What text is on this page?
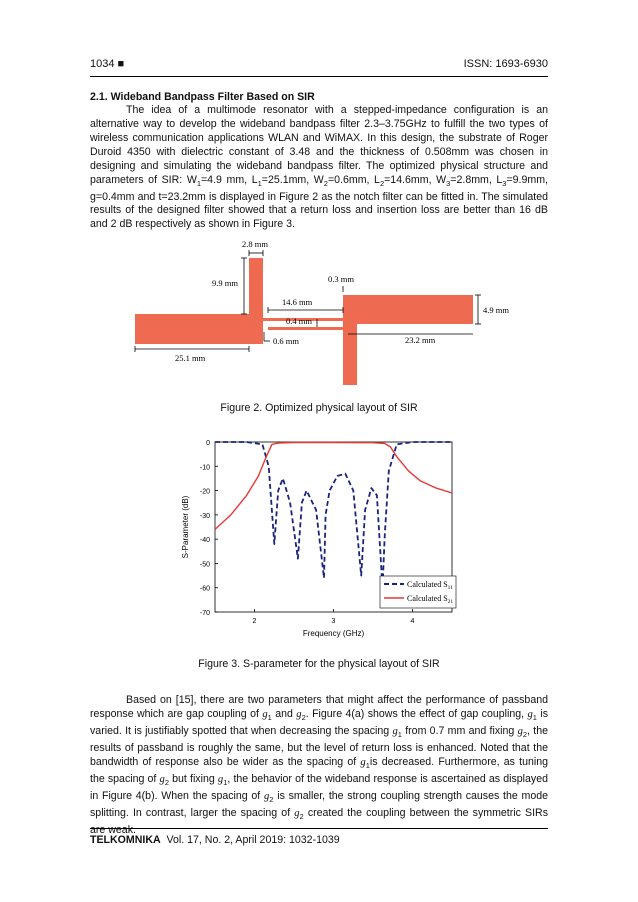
1034 ■	ISSN: 1693-6930
2.1. Wideband Bandpass Filter Based on SIR

The idea of a multimode resonator with a stepped-impedance configuration is an alternative way to develop the wideband bandpass filter 2.3–3.75GHz to fulfill the two types of wireless communication applications WLAN and WiMAX. In this design, the substrate of Roger Duroid 4350 with dielectric constant of 3.48 and the thickness of 0.508mm was chosen in designing and simulating the wideband bandpass filter. The optimized physical structure and parameters of SIR: $W_1=4.9$ mm, $L_1=25.1mm$, $W_2=0.6mm$, $L_2=14.6mm$, $W_3=2.8mm$, $L_3=9.9mm$, g=0.4mm and t=23.2mm is displayed in Figure 2 as the notch filter can be fitted in. The simulated results of the designed filter showed that a return loss and insertion loss are better than 16 dB and 2 dB respectively as shown in Figure 3.

2.8 mm
9.9 mm	0.3 mm
14.6 mm
0.4 mm
0.6 mm
4.9 mm
25.1 mm
23.2 mm
Figure 2. Optimized physical layout of SIR
0
-10
-20
-30
-40
-50
-60
-70
2	3	4
Frequency (GHz)
S-Parameter (dB)
Calculated $S_{11}$
Calculated $S_{21}$
Figure 3. S-parameter for the physical layout of SIR

Based on [15], there are two parameters that might affect the performance of passband response which are gap coupling of $g_1$ and $g_2$. Figure 4(a) shows the effect of gap coupling, $g_1$ is varied. It is justifiably spotted that when decreasing the spacing $g_1$ from 0.7 mm and fixing $g_2$, the results of passband is roughly the same, but the level of return loss is enhanced. Noted that the bandwidth of response also be wider as the spacing of $g_1is$ decreased. Furthermore, as tuning the spacing of $g_2$ but fixing $g_1$, the behavior of the wideband response is ascertained as displayed in Figure 4(b). When the spacing of $g_2$ is smaller, the strong coupling strength causes the mode splitting. In contrast, larger the spacing of $g_2$ created the coupling between the symmetric SIRs are weak.

TELKOMNIKA Vol. 17, No. 2, April 2019: 1032-1039
